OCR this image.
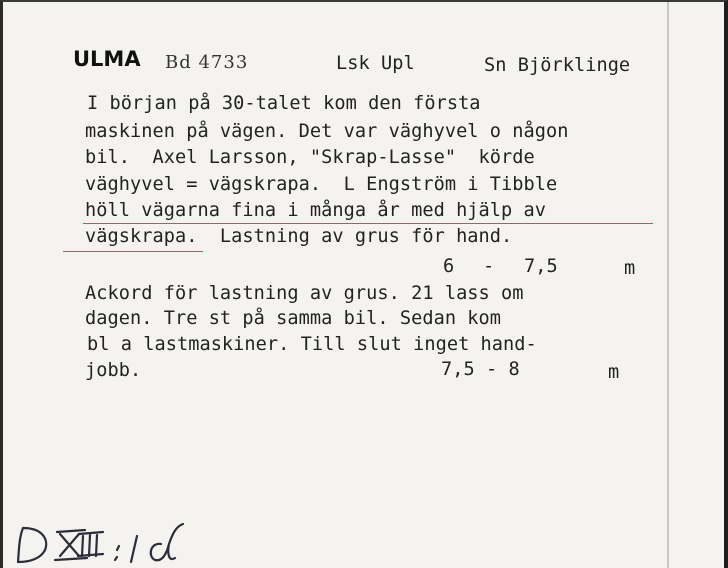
ULMA Bd 4733	Lsk Upl	Sn Björklinge
I början på 30-talet kom den första
maskinen på vägen. Det var väghyvel o någon
bil.  Axel Larsson, "Skrap-Lasse"  körde
väghyvel = vägskrapa.  L Engström i Tibble
höll vägarna fina i många år med hjälp av
vägskrapa.  Lastning av grus för hand.
6 - 7,5	m
Ackord för lastning av grus. 21 lass om
dagen. Tre st på samma bil. Sedan kom
bl a lastmaskiner. Till slut inget hand-
jobb.	7,5 - 8	m
